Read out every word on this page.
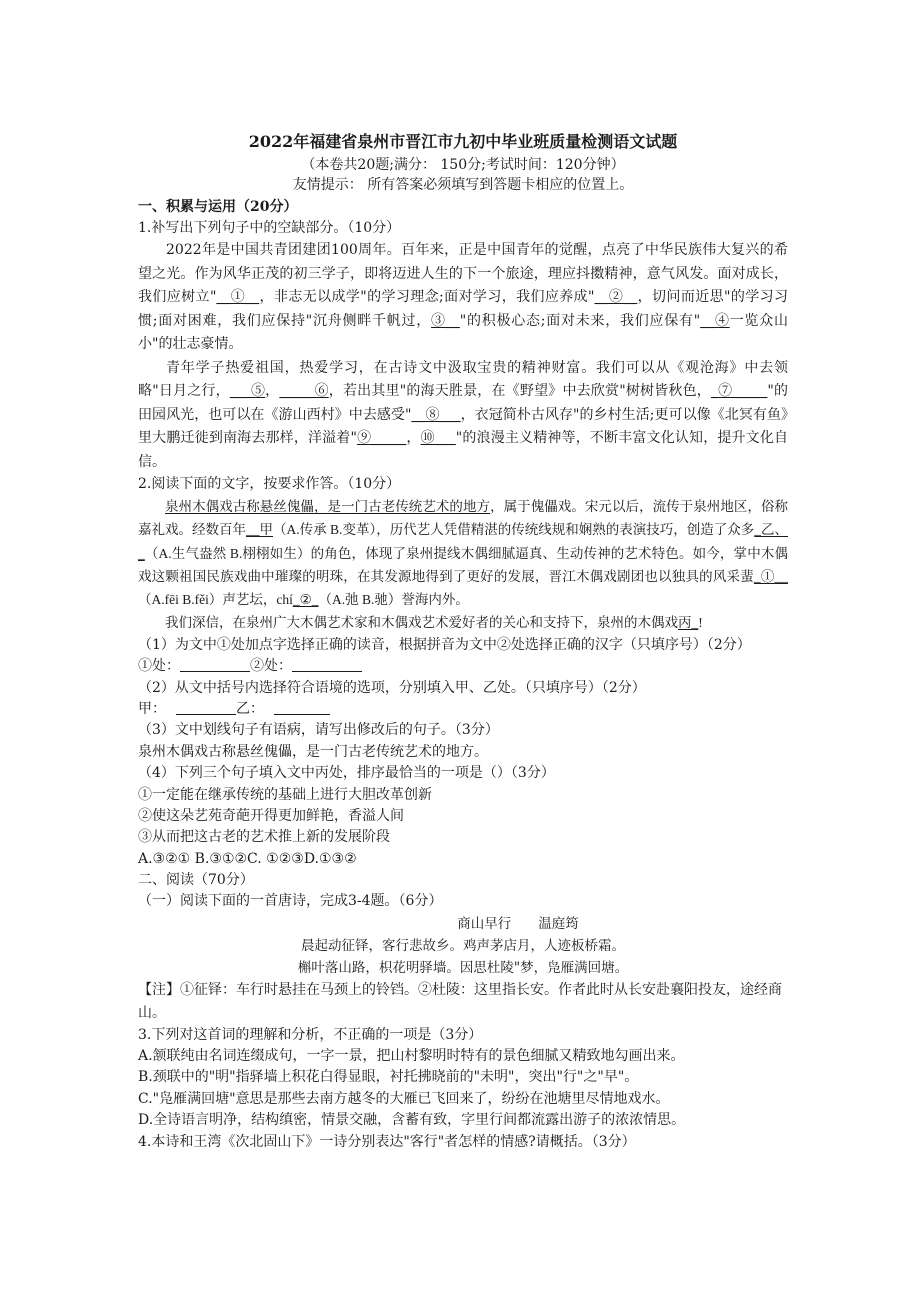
2022年福建省泉州市晋江市九初中毕业班质量检测语文试题

（本卷共20题;满分： 150分;考试时间：120分钟）

友情提示： 所有答案必须填写到答题卡相应的位置上。

一、积累与运用（20分）

1.补写出下列句子中的空缺部分。（10分）

2022年是中国共青团建团100周年。百年来，正是中国青年的觉醒，点亮了中华民族伟大复兴的希望之光。作为风华正茂的初三学子，即将迈进人生的下一个旅途，理应抖擞精神，意气风发。面对成长，我们应树立"__①__，非志无以成学"的学习理念;面对学习，我们应养成"__②__，切问而近思"的学习习惯;面对困难，我们应保持"沉舟侧畔千帆过，③__"的积极心态;面对未来，我们应保有"__④一览众山小"的壮志豪情。

青年学子热爱祖国，热爱学习，在古诗文中汲取宝贵的精神财富。我们可以从《观沧海》中去领略"日月之行，___⑤，_____⑥，若出其里"的海天胜景，在《野望》中去欣赏"树树皆秋色，_⑦_____"的田园风光，也可以在《游山西村》中去感受"__⑧___，衣冠简朴古风存"的乡村生活;更可以像《北冥有鱼》里大鹏迁徙到南海去那样，洋溢着"⑨_____，⑩___"的浪漫主义精神等，不断丰富文化认知，提升文化自信。

2.阅读下面的文字，按要求作答。（10分）

泉州木偶戏古称悬丝傀儡，是一门古老传统艺术的地方，属于傀儡戏。宋元以后，流传于泉州地区，俗称嘉礼戏。经数百年__甲（A.传承 B.变革），历代艺人凭借精湛的传统线规和娴熟的表演技巧，创造了众多_乙、_（A.生气盎然 B.栩栩如生）的角色，体现了泉州提线木偶细腻逼真、生动传神的艺术特色。如今，掌中木偶戏这颗祖国民族戏曲中璀璨的明珠，在其发源地得到了更好的发展，晋江木偶戏剧团也以独具的风采蜚_①__（A.fēi B.fěi）声艺坛，chí_②_（A.弛 B.驰）誉海内外。

我们深信，在泉州广大木偶艺术家和木偶戏艺术爱好者的关心和支持下，泉州的木偶戏丙_!

（1）为文中①处加点字选择正确的读音，根据拼音为文中②处选择正确的汉字（只填序号）（2分）

①处：	②处：

（2）从文中括号内选择符合语境的选项，分别填入甲、乙处。（只填序号）（2分）

甲：	乙：

（3）文中划线句子有语病，请写出修改后的句子。（3分）

泉州木偶戏古称悬丝傀儡，是一门古老传统艺术的地方。

（4）下列三个句子填入文中丙处，排序最恰当的一项是（）（3分）

①一定能在继承传统的基础上进行大胆改革创新

②使这朵艺苑奇葩开得更加鲜艳，香溢人间

③从而把这古老的艺术推上新的发展阶段

A.③②① B.③①②C. ①②③D.①③②

二、阅读（70分）

（一）阅读下面的一首唐诗，完成3-4题。（6分）

商山早行　　温庭筠

晨起动征铎，客行悲故乡。鸡声茅店月，人迹板桥霜。

槲叶落山路，枳花明驿墙。因思杜陵"梦，凫雁满回塘。

【注】①征铎：车行时悬挂在马颈上的铃铛。②杜陵：这里指长安。作者此时从长安赴襄阳投友，途经商山。

3.下列对这首词的理解和分析，不正确的一项是（3分）

A.颔联纯由名词连缀成句，一字一景，把山村黎明时特有的景色细腻又精致地勾画出来。

B.颈联中的"明"指驿墙上积花白得显眼，衬托拂晓前的"未明"，突出"行"之"早"。

C."凫雁满回塘"意思是那些去南方越冬的大雁已飞回来了，纷纷在池塘里尽情地戏水。

D.全诗语言明净，结构缜密，情景交融，含蓄有致，字里行间都流露出游子的浓浓情思。

4.本诗和王湾《次北固山下》一诗分别表达"客行"者怎样的情感?请概括。（3分）
